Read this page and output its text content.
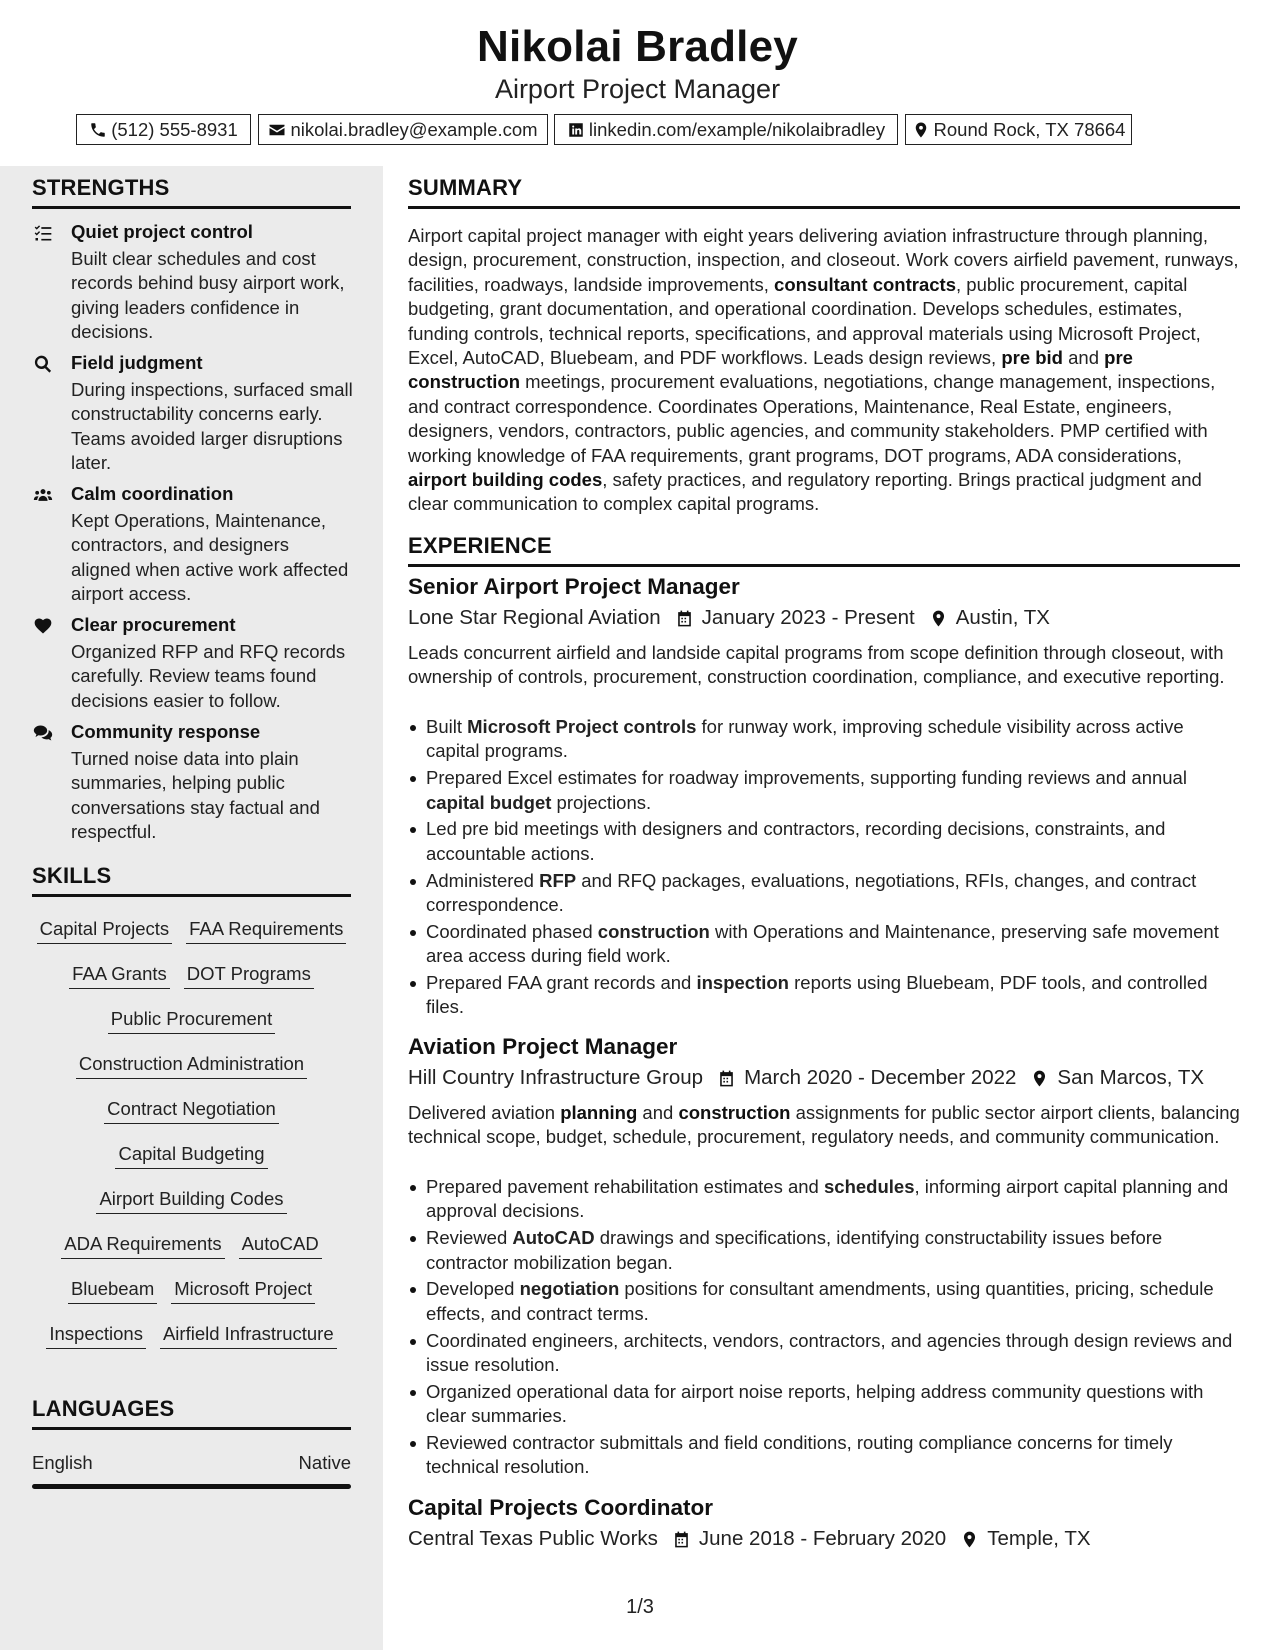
Nikolai Bradley
Airport Project Manager
(512) 555-8931	nikolai.bradley@example.com	linkedin.com/example/nikolaibradley	Round Rock, TX 78664
STRENGTHS
Quiet project control
Built clear schedules and cost records behind busy airport work, giving leaders confidence in decisions.
Field judgment
During inspections, surfaced small constructability concerns early. Teams avoided larger disruptions later.
Calm coordination
Kept Operations, Maintenance, contractors, and designers aligned when active work affected airport access.
Clear procurement
Organized RFP and RFQ records carefully. Review teams found decisions easier to follow.
Community response
Turned noise data into plain summaries, helping public conversations stay factual and respectful.
SKILLS
Capital Projects FAA Requirements
FAA Grants DOT Programs
Public Procurement
Construction Administration
Contract Negotiation
Capital Budgeting
Airport Building Codes
ADA Requirements AutoCAD
Bluebeam Microsoft Project
Inspections Airfield Infrastructure
LANGUAGES
English	Native
SUMMARY
Airport capital project manager with eight years delivering aviation infrastructure through planning, design, procurement, construction, inspection, and closeout. Work covers airfield pavement, runways, facilities, roadways, landside improvements, consultant contracts, public procurement, capital budgeting, grant documentation, and operational coordination. Develops schedules, estimates, funding controls, technical reports, specifications, and approval materials using Microsoft Project, Excel, AutoCAD, Bluebeam, and PDF workflows. Leads design reviews, pre bid and pre construction meetings, procurement evaluations, negotiations, change management, inspections, and contract correspondence. Coordinates Operations, Maintenance, Real Estate, engineers, designers, vendors, contractors, public agencies, and community stakeholders. PMP certified with working knowledge of FAA requirements, grant programs, DOT programs, ADA considerations, airport building codes, safety practices, and regulatory reporting. Brings practical judgment and clear communication to complex capital programs.
EXPERIENCE
Senior Airport Project Manager
Lone Star Regional Aviation January 2023 - Present Austin, TX
Leads concurrent airfield and landside capital programs from scope definition through closeout, with ownership of controls, procurement, construction coordination, compliance, and executive reporting.
Built Microsoft Project controls for runway work, improving schedule visibility across active capital programs.
Prepared Excel estimates for roadway improvements, supporting funding reviews and annual capital budget projections.
Led pre bid meetings with designers and contractors, recording decisions, constraints, and accountable actions.
Administered RFP and RFQ packages, evaluations, negotiations, RFIs, changes, and contract correspondence.
Coordinated phased construction with Operations and Maintenance, preserving safe movement area access during field work.
Prepared FAA grant records and inspection reports using Bluebeam, PDF tools, and controlled files.
Aviation Project Manager
Hill Country Infrastructure Group March 2020 - December 2022 San Marcos, TX
Delivered aviation planning and construction assignments for public sector airport clients, balancing technical scope, budget, schedule, procurement, regulatory needs, and community communication.
Prepared pavement rehabilitation estimates and schedules, informing airport capital planning and approval decisions.
Reviewed AutoCAD drawings and specifications, identifying constructability issues before contractor mobilization began.
Developed negotiation positions for consultant amendments, using quantities, pricing, schedule effects, and contract terms.
Coordinated engineers, architects, vendors, contractors, and agencies through design reviews and issue resolution.
Organized operational data for airport noise reports, helping address community questions with clear summaries.
Reviewed contractor submittals and field conditions, routing compliance concerns for timely technical resolution.
Capital Projects Coordinator
Central Texas Public Works June 2018 - February 2020 Temple, TX
1/3
